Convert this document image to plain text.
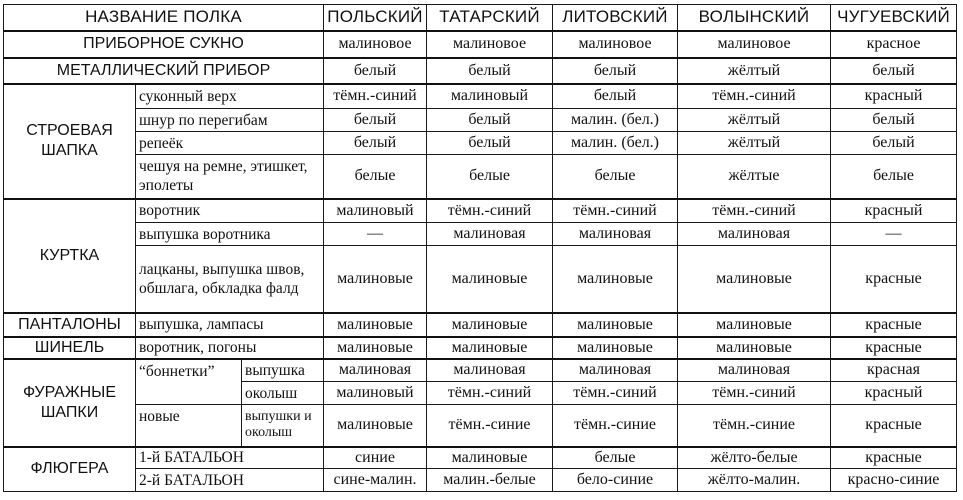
НАЗВАНИЕ ПОЛКА			ПОЛЬСКИЙ	ТАТАРСКИЙ	ЛИТОВСКИЙ	ВОЛЫНСКИЙ	ЧУГУЕВСКИЙ
ПРИБОРНОЕ СУКНО			малиновое	малиновое	малиновое	малиновое	красное
МЕТАЛЛИЧЕСКИЙ ПРИБОР			белый	белый	белый	жёлтый	белый
СТРОЕВАЯ ШАПКА	суконный верх		тёмн.-синий	малиновый	белый	тёмн.-синий	красный
	шнур по перегибам		белый	белый	малин. (бел.)	жёлтый	белый
	репеёк		белый	белый	малин. (бел.)	жёлтый	белый
	чешуя на ремне, этишкет, эполеты		белые	белые	белые	жёлтые	белые
КУРТКА	воротник		малиновый	тёмн.-синий	тёмн.-синий	тёмн.-синий	красный
	выпушка воротника		—	малиновая	малиновая	малиновая	—
	лацканы, выпушка швов, обшлага, обкладка фалд		малиновые	малиновые	малиновые	малиновые	красные
ПАНТАЛОНЫ	выпушка, лампасы		малиновые	малиновые	малиновые	малиновые	красные
ШИНЕЛЬ	воротник, погоны		малиновые	малиновые	малиновые	малиновые	красные
ФУРАЖНЫЕ ШАПКИ	“боннетки”	выпушка	малиновая	малиновая	малиновая	малиновая	красная
		околыш	малиновый	тёмн.-синий	тёмн.-синий	тёмн.-синий	красный
	новые	выпушки и околыш	малиновые	тёмн.-синие	тёмн.-синие	тёмн.-синие	красные
ФЛЮГЕРА	1-й БАТАЛЬОН		синие	малиновые	белые	жёлто-белые	красные
	2-й БАТАЛЬОН		сине-малин.	малин.-белые	бело-синие	жёлто-малин.	красно-синие
